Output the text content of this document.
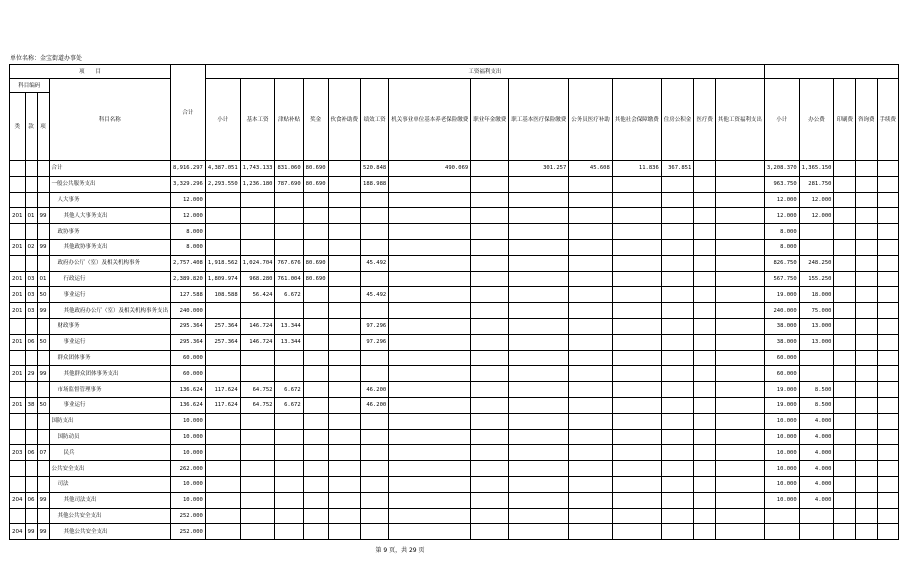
单位名称：金宝街道办事处
项　　目				合计	工资福利支出																		
科目编码			科目名称		小计	基本工资	津贴补贴	奖金	伙食补助费	绩效工资	机关事业单位基本养老保险缴费	职业年金缴费	职工基本医疗保险缴费	公务员医疗补助	其他社会保障缴费	住房公积金	医疗费	其他工资福利支出	小计	办公费	印刷费	咨询费	手续费
类	款	项																					
			合计	8,916.297	4,387.051	1,743.133	831.060	80.690		520.848	490.069		301.257	45.608	11.836	367.851			3,208.370	1,365.150			
			一般公共服务支出	3,329.296	2,293.550	1,236.180	787.690	80.690		188.988									963.750	281.750			
			人大事务	12.000															12.000	12.000			
201	01	99	其他人大事务支出	12.000															12.000	12.000			
			政协事务	8.000															8.000				
201	02	99	其他政协事务支出	8.000															8.000				
			政府办公厅（室）及相关机构事务	2,757.408	1,918.562	1,024.704	767.676	80.690		45.492									826.750	248.250			
201	03	01	行政运行	2,389.820	1,809.974	968.280	761.004	80.690											567.750	155.250			
201	03	50	事业运行	127.588	108.588	56.424	6.672			45.492									19.000	18.000			
201	03	99	其他政府办公厅（室）及相关机构事务支出	240.000															240.000	75.000			
			财政事务	295.364	257.364	146.724	13.344			97.296									38.000	13.000			
201	06	50	事业运行	295.364	257.364	146.724	13.344			97.296									38.000	13.000			
			群众团体事务	60.000															60.000				
201	29	99	其他群众团体事务支出	60.000															60.000				
			市场监督管理事务	136.624	117.624	64.752	6.672			46.200									19.000	8.500			
201	38	50	事业运行	136.624	117.624	64.752	6.672			46.200									19.000	8.500			
			国防支出	10.000															10.000	4.000			
			国防动员	10.000															10.000	4.000			
203	06	07	民兵	10.000															10.000	4.000			
			公共安全支出	262.000															10.000	4.000			
			司法	10.000															10.000	4.000			
204	06	99	其他司法支出	10.000															10.000	4.000			
			其他公共安全支出	252.000																			
204	99	99	其他公共安全支出	252.000																			
第 9 页，共 29 页
